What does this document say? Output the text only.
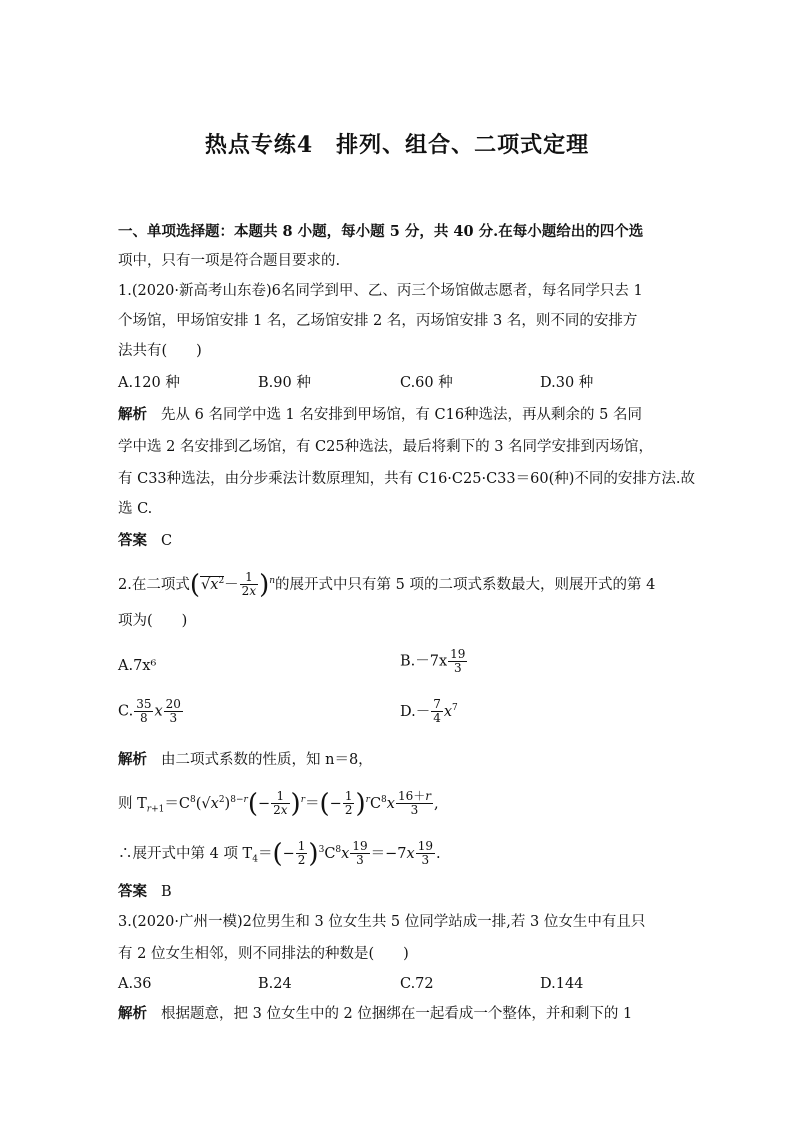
热点专练4　排列、组合、二项式定理
一、单项选择题：本题共 8 小题，每小题 5 分，共 40 分.在每小题给出的四个选
项中，只有一项是符合题目要求的.
1.(2020·新高考山东卷)6名同学到甲、乙、丙三个场馆做志愿者，每名同学只去 1
个场馆，甲场馆安排 1 名，乙场馆安排 2 名，丙场馆安排 3 名，则不同的安排方
法共有(　　)
A.120 种	B.90 种	C.60 种	D.30 种
解析 先从 6 名同学中选 1 名安排到甲场馆，有 C16种选法，再从剩余的 5 名同
学中选 2 名安排到乙场馆，有 C25种选法，最后将剩下的 3 名同学安排到丙场馆，
有 C33种选法，由分步乘法计数原理知，共有 C16·C25·C33＝60(种)不同的安排方法.故
选 C.
答案 C
2.在二项式$(√x^2- \frac{1}{2x} )^n$的展开式中只有第 5 项的二项式系数最大，则展开式的第 4
项为(　　)
A.7x⁶	$B.-7x \frac{19}{3}$
C. $\frac{35}{8}$ x $\frac{20}{3}$	$D.- \frac{7}{4} x^7$
解析 由二项式系数的性质，知 n＝8，
则 $T_{r+1}=C^8(√x^2)^{8-r}(- \frac{1}{2x} )^r=(- \frac{1}{2} )^rC^8x \frac{16+r}{3}$ ,
∴展开式中第 4 项 $T_4=(- \frac{1}{2} )^3C^8x \frac{19}{3} =-7x \frac{19}{3}$ .
答案 B
3.(2020·广州一模)2位男生和 3 位女生共 5 位同学站成一排,若 3 位女生中有且只
有 2 位女生相邻，则不同排法的种数是(　　)
A.36	B.24	C.72	D.144
解析 根据题意，把 3 位女生中的 2 位捆绑在一起看成一个整体，并和剩下的 1
